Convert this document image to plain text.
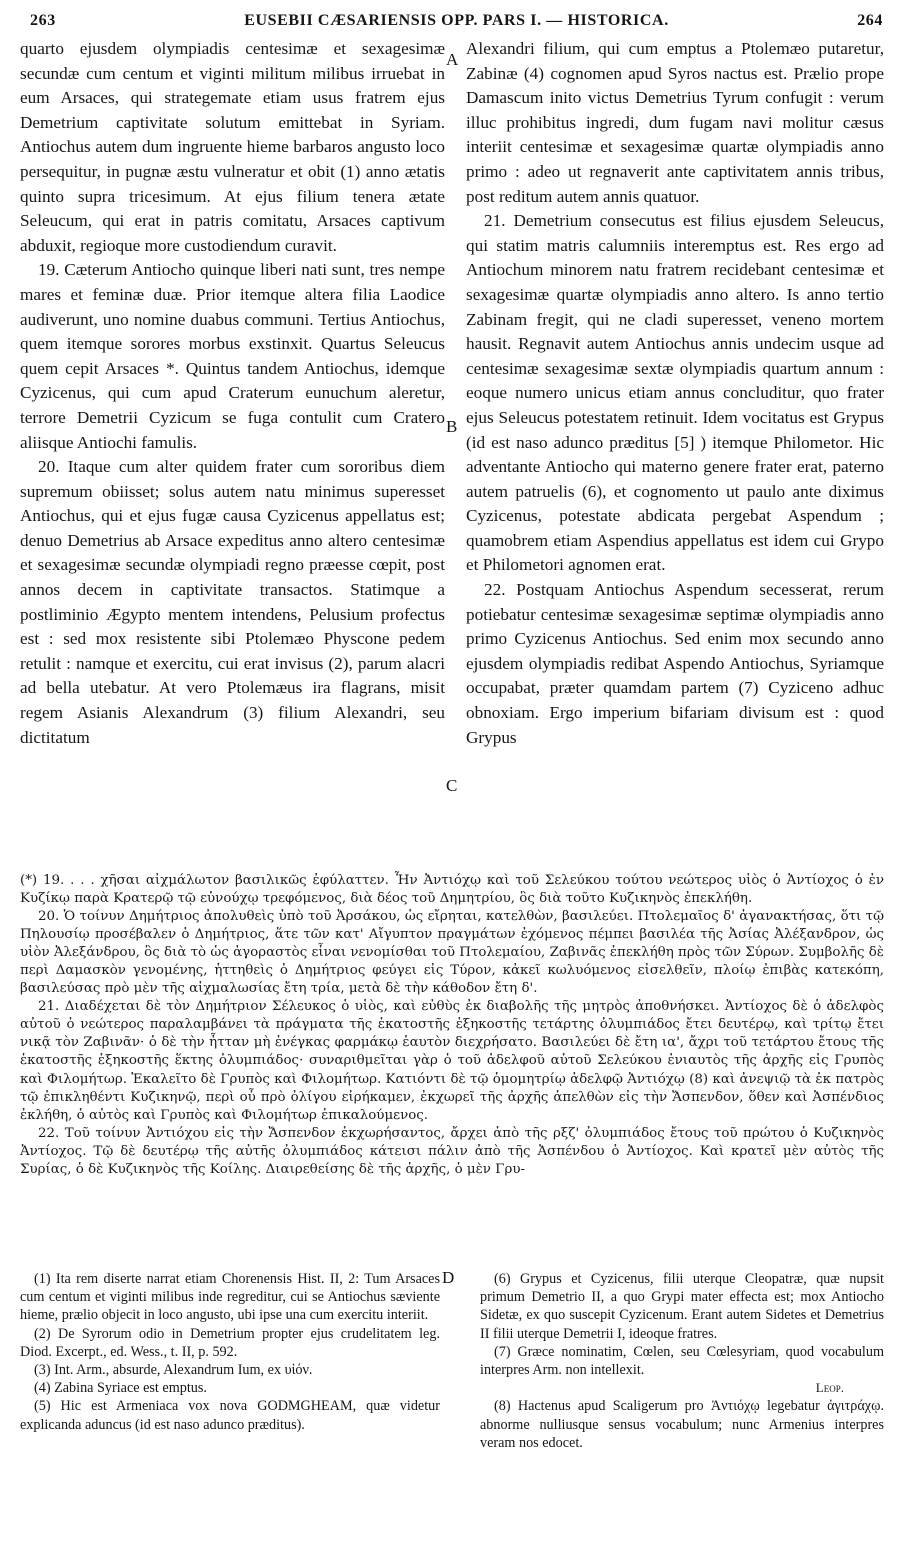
263	EUSEBII CÆSARIENSIS OPP. PARS I. — HISTORICA.	264
A
B
C
D

quarto ejusdem olympiadis centesimæ et sexagesimæ secundæ cum centum et viginti militum milibus irruebat in eum Arsaces, qui strategemate etiam usus fratrem ejus Demetrium captivitate solutum emittebat in Syriam. Antiochus autem dum ingruente hieme barbaros angusto loco persequitur, in pugnæ æstu vulneratur et obit (1) anno ætatis quinto supra tricesimum. At ejus filium tenera ætate Seleucum, qui erat in patris comitatu, Arsaces captivum abduxit, regioque more custodiendum curavit.

19. Cæterum Antiocho quinque liberi nati sunt, tres nempe mares et feminæ duæ. Prior itemque altera filia Laodice audiverunt, uno nomine duabus communi. Tertius Antiochus, quem itemque sorores morbus exstinxit. Quartus Seleucus quem cepit Arsaces *. Quintus tandem Antiochus, idemque Cyzicenus, qui cum apud Craterum eunuchum aleretur, terrore Demetrii Cyzicum se fuga contulit cum Cratero aliisque Antiochi famulis.

20. Itaque cum alter quidem frater cum sororibus diem supremum obiisset; solus autem natu minimus superesset Antiochus, qui et ejus fugæ causa Cyzicenus appellatus est; denuo Demetrius ab Arsace expeditus anno altero centesimæ et sexagesimæ secundæ olympiadi regno præesse cœpit, post annos decem in captivitate transactos. Statimque a postliminio Ægypto mentem intendens, Pelusium profectus est : sed mox resistente sibi Ptolemæo Physcone pedem retulit : namque et exercitu, cui erat invisus (2), parum alacri ad bella utebatur. At vero Ptolemæus ira flagrans, misit regem Asianis Alexandrum (3) filium Alexandri, seu dictitatum

Alexandri filium, qui cum emptus a Ptolemæo putaretur, Zabinæ (4) cognomen apud Syros nactus est. Prælio prope Damascum inito victus Demetrius Tyrum confugit : verum illuc prohibitus ingredi, dum fugam navi molitur cæsus interiit centesimæ et sexagesimæ quartæ olympiadis anno primo : adeo ut regnaverit ante captivitatem annis tribus, post reditum autem annis quatuor.

21. Demetrium consecutus est filius ejusdem Seleucus, qui statim matris calumniis interemptus est. Res ergo ad Antiochum minorem natu fratrem recidebant centesimæ et sexagesimæ quartæ olympiadis anno altero. Is anno tertio Zabinam fregit, qui ne cladi superesset, veneno mortem hausit. Regnavit autem Antiochus annis undecim usque ad centesimæ sexagesimæ sextæ olympiadis quartum annum : eoque numero unicus etiam annus concluditur, quo frater ejus Seleucus potestatem retinuit. Idem vocitatus est Grypus (id est naso adunco præditus [5] ) itemque Philometor. Hic adventante Antiocho qui materno genere frater erat, paterno autem patruelis (6), et cognomento ut paulo ante diximus Cyzicenus, potestate abdicata pergebat Aspendum ; quamobrem etiam Aspendius appellatus est idem cui Grypo et Philometori agnomen erat.

22. Postquam Antiochus Aspendum secesserat, rerum potiebatur centesimæ sexagesimæ septimæ olympiadis anno primo Cyzicenus Antiochus. Sed enim mox secundo anno ejusdem olympiadis redibat Aspendo Antiochus, Syriamque occupabat, præter quamdam partem (7) Cyziceno adhuc obnoxiam. Ergo imperium bifariam divisum est : quod Grypus

(*) 19. . . . χῆσαι αἰχμάλωτον βασιλικῶς ἐφύλαττεν. Ἦν Ἀντιόχῳ καὶ τοῦ Σελεύκου τούτου νεώτερος υἱὸς ὁ Ἀντίοχος ὁ ἐν Κυζίκῳ παρὰ Κρατερῷ τῷ εὐνούχῳ τρεφόμενος, διὰ δέος τοῦ Δημητρίου, ὃς διὰ τοῦτο Κυζικηνὸς ἐπεκλήθη.

20. Ὁ τοίνυν Δημήτριος ἀπολυθεὶς ὑπὸ τοῦ Ἀρσάκου, ὡς εἴρηται, κατελθὼν, βασιλεύει. Πτολεμαῖος δ' ἀγανακτήσας, ὅτι τῷ Πηλουσίῳ προσέβαλεν ὁ Δημήτριος, ἅτε τῶν κατ' Αἴγυπτον πραγμάτων ἐχόμενος πέμπει βασιλέα τῆς Ἀσίας Ἀλέξανδρον, ὡς υἱὸν Ἀλεξάνδρου, ὃς διὰ τὸ ὡς ἀγοραστὸς εἶναι νενομίσθαι τοῦ Πτολεμαίου, Ζαβινᾶς ἐπεκλήθη πρὸς τῶν Σύρων. Συμβολῆς δὲ περὶ Δαμασκὸν γενομένης, ἡττηθεὶς ὁ Δημήτριος φεύγει εἰς Τύρον, κἀκεῖ κωλυόμενος εἰσελθεῖν, πλοίῳ ἐπιβὰς κατεκόπη, βασιλεύσας πρὸ μὲν τῆς αἰχμαλωσίας ἔτη τρία, μετὰ δὲ τὴν κάθοδον ἔτη δ'.

21. Διαδέχεται δὲ τὸν Δημήτριον Σέλευκος ὁ υἱὸς, καὶ εὐθὺς ἐκ διαβολῆς τῆς μητρὸς ἀποθνήσκει. Ἀντίοχος δὲ ὁ ἀδελφὸς αὐτοῦ ὁ νεώτερος παραλαμβάνει τὰ πράγματα τῆς ἑκατοστῆς ἑξηκοστῆς τετάρτης ὀλυμπιάδος ἔτει δευτέρῳ, καὶ τρίτῳ ἔτει νικᾷ τὸν Ζαβινᾶν· ὁ δὲ τὴν ἧτταν μὴ ἐνέγκας φαρμάκῳ ἑαυτὸν διεχρήσατο. Βασιλεύει δὲ ἔτη ια', ἄχρι τοῦ τετάρτου ἔτους τῆς ἑκατοστῆς ἑξηκοστῆς ἕκτης ὀλυμπιάδος· συναριθμεῖται γὰρ ὁ τοῦ ἀδελφοῦ αὐτοῦ Σελεύκου ἐνιαυτὸς τῆς ἀρχῆς εἰς Γρυπὸς καὶ Φιλομήτωρ. Ἐκαλεῖτο δὲ Γρυπὸς καὶ Φιλομήτωρ. Κατιόντι δὲ τῷ ὁμομητρίῳ ἀδελφῷ Ἀντιόχῳ (8) καὶ ἀνεψιῷ τὰ ἐκ πατρὸς τῷ ἐπικληθέντι Κυζικηνῷ, περὶ οὗ πρὸ ὀλίγου εἰρήκαμεν, ἐκχωρεῖ τῆς ἀρχῆς ἀπελθὼν εἰς τὴν Ἄσπενδον, ὅθεν καὶ Ἀσπένδιος ἐκλήθη, ὁ αὐτὸς καὶ Γρυπὸς καὶ Φιλομήτωρ ἐπικαλούμενος.

22. Τοῦ τοίνυν Ἀντιόχου εἰς τὴν Ἄσπενδον ἐκχωρήσαντος, ἄρχει ἀπὸ τῆς ρξζ' ὀλυμπιάδος ἔτους τοῦ πρώτου ὁ Κυζικηνὸς Ἀντίοχος. Τῷ δὲ δευτέρῳ τῆς αὐτῆς ὀλυμπιάδος κάτεισι πάλιν ἀπὸ τῆς Ἀσπένδου ὁ Ἀντίοχος. Καὶ κρατεῖ μὲν αὐτὸς τῆς Συρίας, ὁ δὲ Κυζικηνὸς τῆς Κοίλης. Διαιρεθείσης δὲ τῆς ἀρχῆς, ὁ μὲν Γρυ-

(1) Ita rem diserte narrat etiam Chorenensis Hist. II, 2: Tum Arsaces cum centum et viginti milibus inde regreditur, cui se Antiochus sæviente hieme, prælio objecit in loco angusto, ubi ipse una cum exercitu interiit.

(2) De Syrorum odio in Demetrium propter ejus crudelitatem leg. Diod. Excerpt., ed. Wess., t. II, p. 592.

(3) Int. Arm., absurde, Alexandrum Ium, ex υἱόν.

(4) Zabina Syriace est emptus.

(5) Hic est Armeniaca vox nova GODMGHEAM, quæ videtur explicanda aduncus (id est naso adunco præditus).

(6) Grypus et Cyzicenus, filii uterque Cleopatræ, quæ nupsit primum Demetrio II, a quo Grypi mater effecta est; mox Antiocho Sidetæ, ex quo suscepit Cyzicenum. Erant autem Sidetes et Demetrius II filii uterque Demetrii I, ideoque fratres.

(7) Græce nominatim, Cœlen, seu Cœlesyriam, quod vocabulum interpres Arm. non intellexit.

Leop.

(8) Hactenus apud Scaligerum pro Ἀντιόχῳ legebatur ἀγιτράχῳ. abnorme nulliusque sensus vocabulum; nunc Armenius interpres veram nos edocet.
